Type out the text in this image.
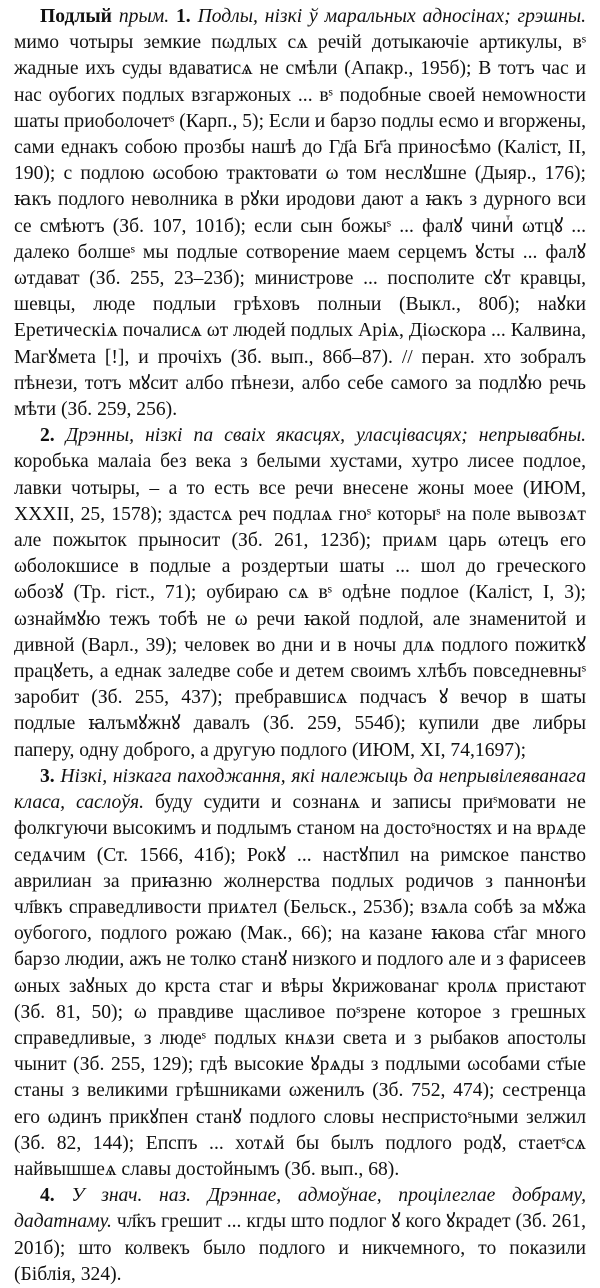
Подлый прым. 1. Подлы, нізкі ў маральных адносінах; грэшны. мимо чотыры земкие пωдлых сѧ речій дотыкаючіе артикулы, вˢ жадные ихъ суды вдаватисѧ не смѣли (Апакр., 195б); В тотъ час и нас оубогих подлых взгаржоных ... вˢ подобные своей немоwности шаты приоболочетˢ (Карп., 5); Если и барзо подлы есмо и вгоржены, сами еднакъ собою прозбы нашѣ до Гд҃а Бг҃а приносѣмо (Каліст, II, 190); с подлою ωсобою трактовати ω том неслꙋшне (Дыяр., 176); ꙗкъ подлого неволника в рꙋки иродови дают а ꙗкъ з дурного вси се смѣютъ (Зб. 107, 101б); если сын божыˢ ... фалꙋ чиниⷮ ωтцꙋ ... далеко болшеˢ мы подлые сотворение маем серцемъ ꙋсты ... фалꙋ ωтдават (Зб. 255, 23–23б); министрове ... посполите сꙋт кравцы, шевцы, люде подлыи грѣховъ полныи (Выкл., 80б); наꙋки Еретическіѧ почалисѧ ωт людей подлых Аріѧ, Діωскора ... Калвина, Магꙋмета [!], и прочіхъ (Зб. вып., 86б–87). // перан. хто зобралъ пѣнези, тотъ мꙋсит албо пѣнези, албо себе самого за подлꙋю речь мѣти (Зб. 259, 256).

2. Дрэнны, нізкі па сваіх якасцях, уласцівасцях; непрывабны. коробька малаіа без века з белыми хустами, хутро лисее подлое, лавки чотыры, – а то есть все речи внесене жоны моее (ИЮМ, XXXII, 25, 1578); здастсѧ реч подлаѧ гноˢ которыˢ на поле вывозѧт але пожыток прыносит (Зб. 261, 123б); приѧм царь ωтецъ его ωболокшисе в подлые а роздертыи шаты ... шол до греческого ωбозꙋ (Тр. гіст., 71); оубираю сѧ вˢ одѣне подлое (Каліст, I, 3); ωзнаймꙋю тежъ тобѣ не ω речи ꙗкой подлой, але знаменитой и дивной (Варл., 39); человек во дни и в ночы длѧ подлого пожиткꙋ працꙋеть, а еднак заледве собе и детем своимъ хлѣбъ повседневныˢ заробит (Зб. 255, 437); пребравшисѧ подчасъ ꙋ вечор в шаты подлые ꙗлъмꙋжнꙋ давалъ (Зб. 259, 554б); купили две либры паперу, одну доброго, а другую подлого (ИЮМ, XI, 74,1697);

3. Нізкі, нізкага паходжання, які належыць да непрывілеяванага класа, саслоўя. буду судити и сознанѧ и записы приˢмовати не фолкгуючи высокимъ и подлымъ станом на достоˢностях и на врѧде седѧчим (Ст. 1566, 41б); Рокꙋ ... настꙋпил на римское панство аврилиан за приꙗзню жолнерства подлых родичов з паннонѣи чл҃вкъ справедливости приѧтел (Бельск., 253б); взѧла собѣ за мꙋжа оубогого, подлого рожаю (Мак., 66); на казане ꙗкова ст҃аг много барзо людии, ажъ не толко станꙋ низкого и подлого але и з фарисеев ωных заꙋных до крста стаг и вѣры ꙋкрижованаг кролѧ пристают (Зб. 81, 50); ω правдиве щасливое поˢзрене которое з грешных справедливые, з людеˢ подлых кнѧзи света и з рыбаков апостолы чынит (Зб. 255, 129); гдѣ высокие ꙋрѧды з подлыми ωсобами ст҃ые станы з великими грѣшниками ωженилъ (Зб. 752, 474); сестренца его ωдинъ прикꙋпен станꙋ подлого словы неспристо​ˢными зелжил (Зб. 82, 144); Епспъ ... хотѧй бы былъ подлого родꙋ, стаетˢсѧ найвышшеѧ славы достойнымъ (Зб. вып., 68).

4. У знач. наз. Дрэннае, адмоўнае, процілеглае добраму, дадатнаму. чл҃къ грешит ... кгды што подлог ꙋ кого ꙋкрадет (Зб. 261, 201б); што колвекъ было подлого и никчемного, то показили (Біблія, 324).
